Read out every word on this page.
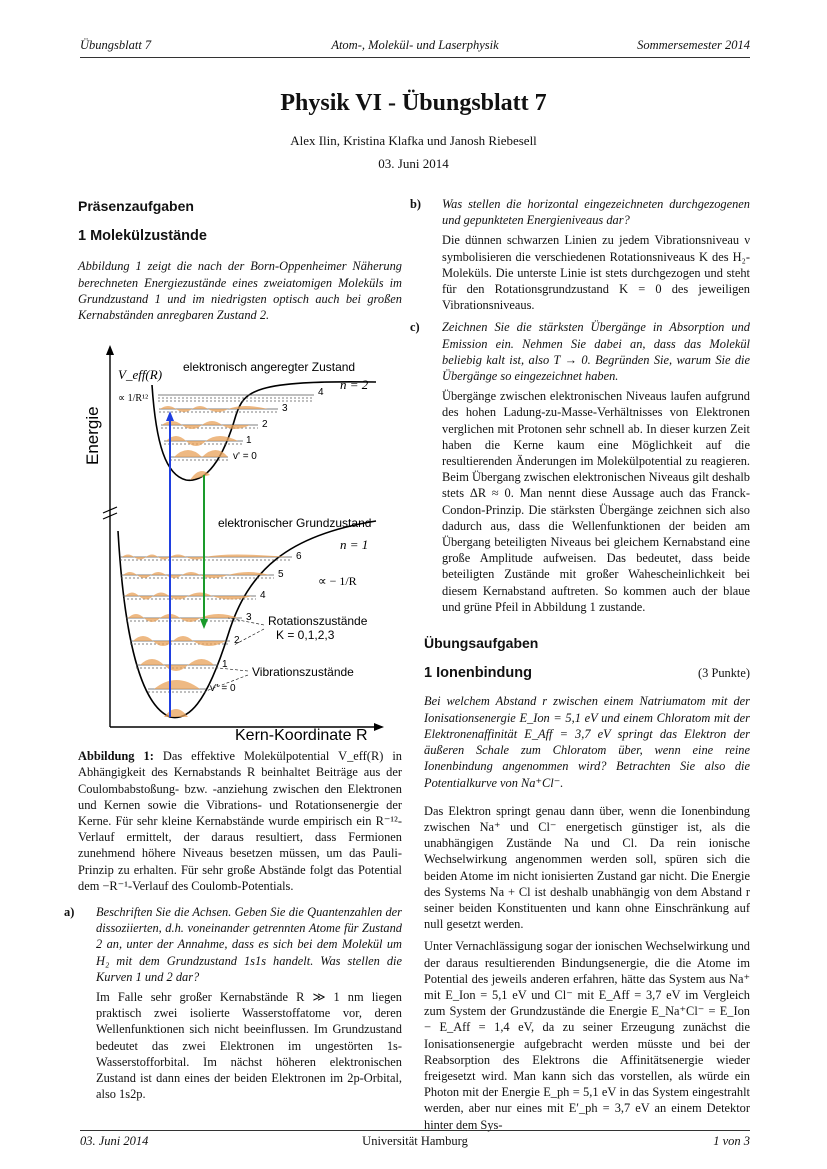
Übungsblatt 7	Atom-, Molekül- und Laserphysik	Sommersemester 2014
Physik VI - Übungsblatt 7
Alex Ilin, Kristina Klafka und Janosh Riebesell
03. Juni 2014
Präsenzaufgaben
1 Molekülzustände

Abbildung 1 zeigt die nach der Born-Oppenheimer Näherung berechneten Energiezustände eines zweiatomigen Moleküls im Grundzustand 1 und im niedrigsten optisch auch bei großen Kernabständen anregbaren Zustand 2.

Energie
V_eff(R)
Kern-Koordinate R
4
3
2
1
v' = 0
elektronisch angeregter Zustand
n = 2
∝ 1/R¹²
6
5
4
3
2
1
v" = 0
elektronischer Grundzustand
n = 1
∝ − 1/R
Rotationszustände
K = 0,1,2,3
Vibrationszustände

Abbildung 1: Das effektive Molekülpotential V_eff(R) in Abhängigkeit des Kernabstands R beinhaltet Beiträge aus der Coulombabstoßung- bzw. -anziehung zwischen den Elektronen und Kernen sowie die Vibrations- und Rotationsenergie der Kerne. Für sehr kleine Kernabstände wurde empirisch ein R⁻¹²-Verlauf ermittelt, der daraus resultiert, dass Fermionen zunehmend höhere Niveaus besetzen müssen, um das Pauli-Prinzip zu erhalten. Für sehr große Abstände folgt das Potential dem −R⁻¹-Verlauf des Coulomb-Potentials.

a) Beschriften Sie die Achsen. Geben Sie die Quantenzahlen der dissoziierten, d.h. voneinander getrennten Atome für Zustand 2 an, unter der Annahme, dass es sich bei dem Molekül um H₂ mit dem Grundzustand 1s1s handelt. Was stellen die Kurven 1 und 2 dar?

Im Falle sehr großer Kernabstände R ≫ 1 nm liegen praktisch zwei isolierte Wasserstoffatome vor, deren Wellenfunktionen sich nicht beeinflussen. Im Grundzustand bedeutet das zwei Elektronen im ungestörten 1s-Wasserstofforbital. Im nächst höheren elektronischen Zustand ist dann eines der beiden Elektronen im 2p-Orbital, also 1s2p.

b) Was stellen die horizontal eingezeichneten durchgezogenen und gepunkteten Energieniveaus dar?

Die dünnen schwarzen Linien zu jedem Vibrationsniveau ν symbolisieren die verschiedenen Rotationsniveaus K des H₂-Moleküls. Die unterste Linie ist stets durchgezogen und steht für den Rotationsgrundzustand K = 0 des jeweiligen Vibrationsniveaus.

c) Zeichnen Sie die stärksten Übergänge in Absorption und Emission ein. Nehmen Sie dabei an, dass das Molekül beliebig kalt ist, also T → 0. Begründen Sie, warum Sie die Übergänge so eingezeichnet haben.

Übergänge zwischen elektronischen Niveaus laufen aufgrund des hohen Ladung-zu-Masse-Verhältnisses von Elektronen verglichen mit Protonen sehr schnell ab. In dieser kurzen Zeit haben die Kerne kaum eine Möglichkeit auf die resultierenden Änderungen im Molekülpotential zu reagieren. Beim Übergang zwischen elektronischen Niveaus gilt deshalb stets ΔR ≈ 0. Man nennt diese Aussage auch das Franck-Condon-Prinzip. Die stärksten Übergänge zeichnen sich also dadurch aus, dass die Wellenfunktionen der beiden am Übergang beteiligten Niveaus bei gleichem Kernabstand eine große Amplitude aufweisen. Das bedeutet, dass beide beteiligten Zustände mit großer Wahescheinlichkeit bei diesem Kernabstand auftreten. So kommen auch der blaue und grüne Pfeil in Abbildung 1 zustande.

Übungsaufgaben
1 Ionenbindung	(3 Punkte)

Bei welchem Abstand r zwischen einem Natriumatom mit der Ionisationsenergie E_Ion = 5,1 eV und einem Chloratom mit der Elektronenaffinität E_Aff = 3,7 eV springt das Elektron der äußeren Schale zum Chloratom über, wenn eine reine Ionenbindung angenommen wird? Betrachten Sie also die Potentialkurve von Na⁺Cl⁻.

Das Elektron springt genau dann über, wenn die Ionenbindung zwischen Na⁺ und Cl⁻ energetisch günstiger ist, als die unabhängigen Zustände Na und Cl. Da rein ionische Wechselwirkung angenommen werden soll, spüren sich die beiden Atome im nicht ionisierten Zustand gar nicht. Die Energie des Systems Na + Cl ist deshalb unabhängig von dem Abstand r seiner beiden Konstituenten und kann ohne Einschränkung auf null gesetzt werden.

Unter Vernachlässigung sogar der ionischen Wechselwirkung und der daraus resultierenden Bindungsenergie, die die Atome im Potential des jeweils anderen erfahren, hätte das System aus Na⁺ mit E_Ion = 5,1 eV und Cl⁻ mit E_Aff = 3,7 eV im Vergleich zum System der Grundzustände die Energie E_Na⁺Cl⁻ = E_Ion − E_Aff = 1,4 eV, da zu seiner Erzeugung zunächst die Ionisationsenergie aufgebracht werden müsste und bei der Reabsorption des Elektrons die Affinitätsenergie wieder freigesetzt wird. Man kann sich das vorstellen, als würde ein Photon mit der Energie E_ph = 5,1 eV in das System eingestrahlt werden, aber nur eines mit E′_ph = 3,7 eV an einem Detektor hinter dem Sys-

03. Juni 2014	Universität Hamburg	1 von 3
